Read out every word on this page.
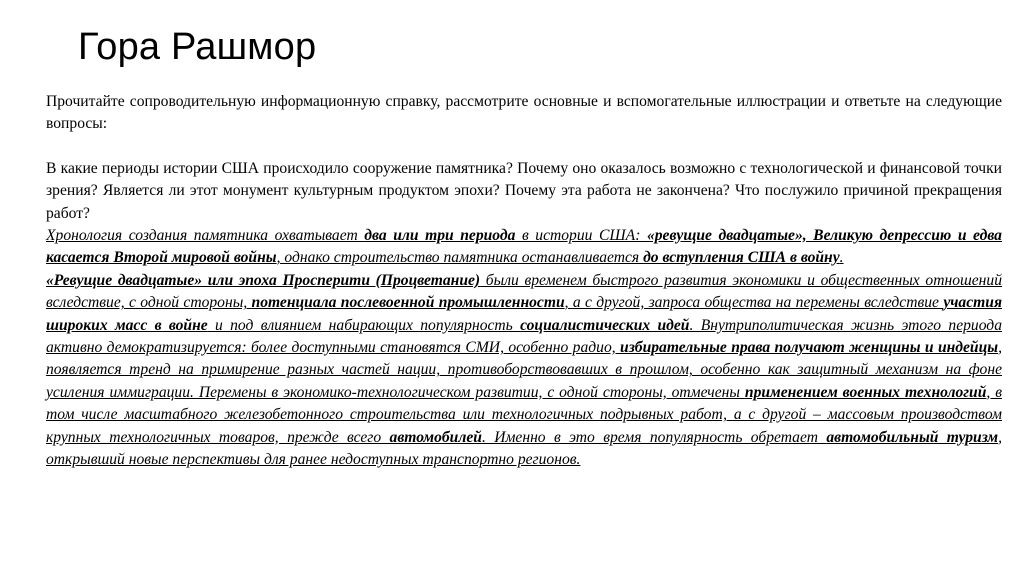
Гора Рашмор

Прочитайте сопроводительную информационную справку, рассмотрите основные и вспомогательные иллюстрации и ответьте на следующие вопросы:

В какие периоды истории США происходило сооружение памятника? Почему оно оказалось возможно с технологической и финансовой точки зрения? Является ли этот монумент культурным продуктом эпохи? Почему эта работа не закончена? Что послужило причиной прекращения работ?

Хронология создания памятника охватывает два или три периода в истории США: «ревущие двадцатые», Великую депрессию и едва касается Второй мировой войны, однако строительство памятника останавливается до вступления США в войну.

«Ревущие двадцатые» или эпоха Просперити (Процветание) были временем быстрого развития экономики и общественных отношений вследствие, с одной стороны, потенциала послевоенной промышленности, а с другой, запроса общества на перемены вследствие участия широких масс в войне и под влиянием набирающих популярность социалистических идей. Внутриполитическая жизнь этого периода активно демократизируется: более доступными становятся СМИ, особенно радио, избирательные права получают женщины и индейцы, появляется тренд на примирение разных частей нации, противоборствовавших в прошлом, особенно как защитный механизм на фоне усиления иммиграции. Перемены в экономико-технологическом развитии, с одной стороны, отмечены применением военных технологий, в том числе масштабного железобетонного строительства или технологичных подрывных работ, а с другой – массовым производством крупных технологичных товаров, прежде всего автомобилей. Именно в это время популярность обретает автомобильный туризм, открывший новые перспективы для ранее недоступных транспортно регионов.
